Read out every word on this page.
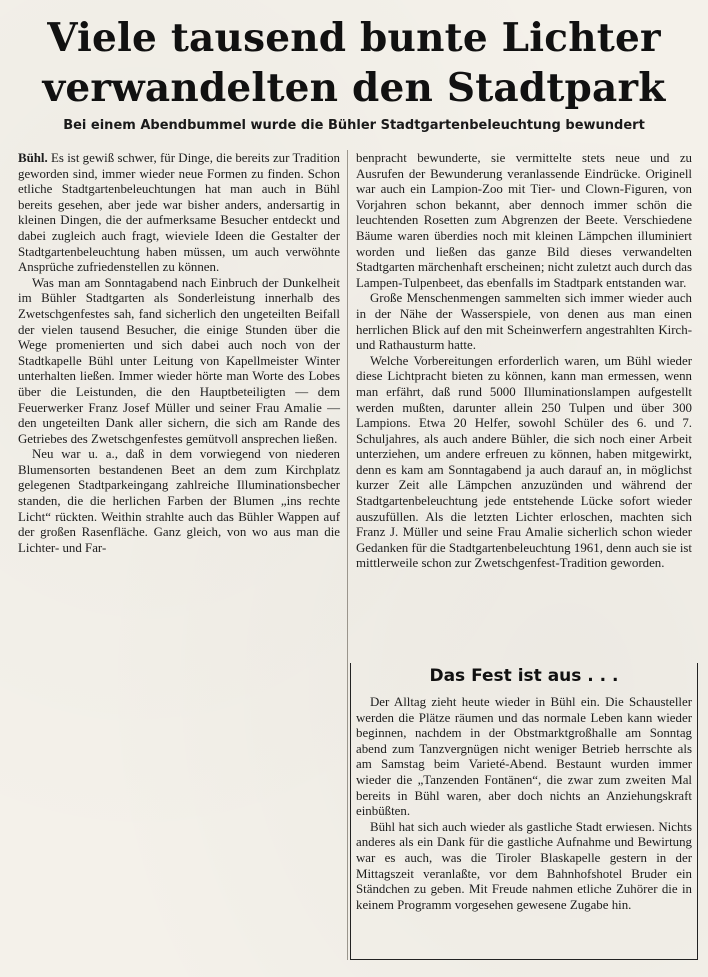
Viele tausend bunte Lichter
verwandelten den Stadtpark
Bei einem Abendbummel wurde die Bühler Stadtgartenbeleuchtung bewundert

Bühl. Es ist gewiß schwer, für Dinge, die bereits zur Tradition geworden sind, immer wieder neue Formen zu finden. Schon etliche Stadtgartenbeleuchtungen hat man auch in Bühl bereits gesehen, aber jede war bisher anders, andersartig in kleinen Dingen, die der aufmerksame Besucher entdeckt und dabei zugleich auch fragt, wieviele Ideen die Gestalter der Stadtgartenbeleuchtung haben müssen, um auch verwöhnte Ansprüche zufriedenstellen zu können.

Was man am Sonntagabend nach Einbruch der Dunkelheit im Bühler Stadtgarten als Sonderleistung innerhalb des Zwetschgenfestes sah, fand sicherlich den ungeteilten Beifall der vielen tausend Besucher, die einige Stunden über die Wege promenierten und sich dabei auch noch von der Stadtkapelle Bühl unter Leitung von Kapellmeister Winter unterhalten ließen. Immer wieder hörte man Worte des Lobes über die Leistunden, die den Hauptbeteiligten — dem Feuerwerker Franz Josef Müller und seiner Frau Amalie — den ungeteilten Dank aller sichern, die sich am Rande des Getriebes des Zwetschgenfestes gemütvoll ansprechen ließen.

Neu war u. a., daß in dem vorwiegend von niederen Blumensorten bestandenen Beet an dem zum Kirchplatz gelegenen Stadtparkeingang zahlreiche Illuminationsbecher standen, die die herlichen Farben der Blumen „ins rechte Licht“ rückten. Weithin strahlte auch das Bühler Wappen auf der großen Rasenfläche. Ganz gleich, von wo aus man die Lichter- und Far-

benpracht bewunderte, sie vermittelte stets neue und zu Ausrufen der Bewunderung veranlassende Eindrücke. Originell war auch ein Lampion-Zoo mit Tier- und Clown-Figuren, von Vorjahren schon bekannt, aber dennoch immer schön die leuchtenden Rosetten zum Abgrenzen der Beete. Verschiedene Bäume waren überdies noch mit kleinen Lämpchen illuminiert worden und ließen das ganze Bild dieses verwandelten Stadtgarten märchenhaft erscheinen; nicht zuletzt auch durch das Lampen-Tulpenbeet, das ebenfalls im Stadtpark entstanden war.

Große Menschenmengen sammelten sich immer wieder auch in der Nähe der Wasserspiele, von denen aus man einen herrlichen Blick auf den mit Scheinwerfern angestrahlten Kirch- und Rathausturm hatte.

Welche Vorbereitungen erforderlich waren, um Bühl wieder diese Lichtpracht bieten zu können, kann man ermessen, wenn man erfährt, daß rund 5000 Illuminationslampen aufgestellt werden mußten, darunter allein 250 Tulpen und über 300 Lampions. Etwa 20 Helfer, sowohl Schüler des 6. und 7. Schuljahres, als auch andere Bühler, die sich noch einer Arbeit unterziehen, um andere erfreuen zu können, haben mitgewirkt, denn es kam am Sonntagabend ja auch darauf an, in möglichst kurzer Zeit alle Lämpchen anzuzünden und während der Stadtgartenbeleuchtung jede entstehende Lücke sofort wieder auszufüllen. Als die letzten Lichter erloschen, machten sich Franz J. Müller und seine Frau Amalie sicherlich schon wieder Gedanken für die Stadtgartenbeleuchtung 1961, denn auch sie ist mittlerweile schon zur Zwetschgenfest-Tradition geworden.

Das Fest ist aus . . .

Der Alltag zieht heute wieder in Bühl ein. Die Schausteller werden die Plätze räumen und das normale Leben kann wieder beginnen, nachdem in der Obstmarktgroßhalle am Sonntag abend zum Tanzvergnügen nicht weniger Betrieb herrschte als am Samstag beim Varieté-Abend. Bestaunt wurden immer wieder die „Tanzenden Fontänen“, die zwar zum zweiten Mal bereits in Bühl waren, aber doch nichts an Anziehungskraft einbüßten.

Bühl hat sich auch wieder als gastliche Stadt erwiesen. Nichts anderes als ein Dank für die gastliche Aufnahme und Bewirtung war es auch, was die Tiroler Blaskapelle gestern in der Mittagszeit veranlaßte, vor dem Bahnhofshotel Bruder ein Ständchen zu geben. Mit Freude nahmen etliche Zuhörer die in keinem Programm vorgesehen gewesene Zugabe hin.
